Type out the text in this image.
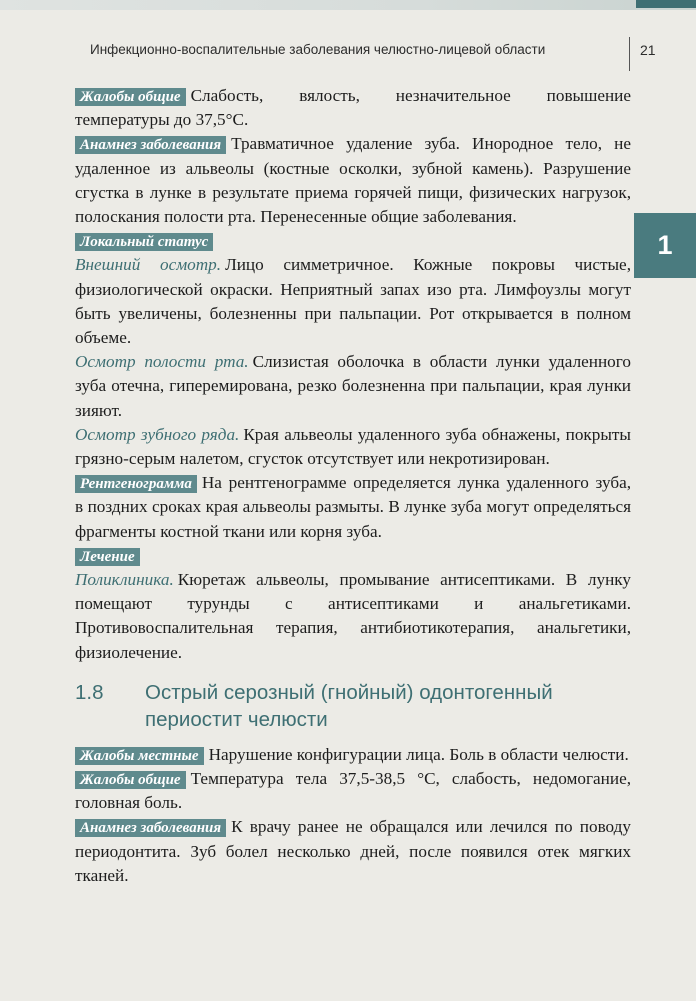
Инфекционно-воспалительные заболевания челюстно-лицевой области	21
1

Жалобы общие Слабость, вялость, незначительное повышение температуры до 37,5°С.

Анамнез заболевания Травматичное удаление зуба. Инородное тело, не удаленное из альвеолы (костные осколки, зубной камень). Разрушение сгустка в лунке в результате приема горячей пищи, физических нагрузок, полоскания полости рта. Перенесенные общие заболевания.

Локальный статус

Внешний осмотр. Лицо симметричное. Кожные покровы чистые, физиологической окраски. Неприятный запах изо рта. Лимфоузлы могут быть увеличены, болезненны при пальпации. Рот открывается в полном объеме.

Осмотр полости рта. Слизистая оболочка в области лунки удаленного зуба отечна, гиперемирована, резко болезненна при пальпации, края лунки зияют.

Осмотр зубного ряда. Края альвеолы удаленного зуба обнажены, покрыты грязно-серым налетом, сгусток отсутствует или некротизирован.

Рентгенограмма На рентгенограмме определяется лунка удаленного зуба, в поздних сроках края альвеолы размыты. В лунке зуба могут определяться фрагменты костной ткани или корня зуба.

Лечение

Поликлиника. Кюретаж альвеолы, промывание антисептиками. В лунку помещают турунды с антисептиками и анальгетиками. Противовоспалительная терапия, антибиотикотерапия, анальгетики, физиолечение.

1.8	Острый серозный (гнойный) одонтогенный периостит челюсти

Жалобы местные Нарушение конфигурации лица. Боль в области челюсти.

Жалобы общие Температура тела 37,5-38,5 °С, слабость, недомогание, головная боль.

Анамнез заболевания К врачу ранее не обращался или лечился по поводу периодонтита. Зуб болел несколько дней, после появился отек мягких тканей.
